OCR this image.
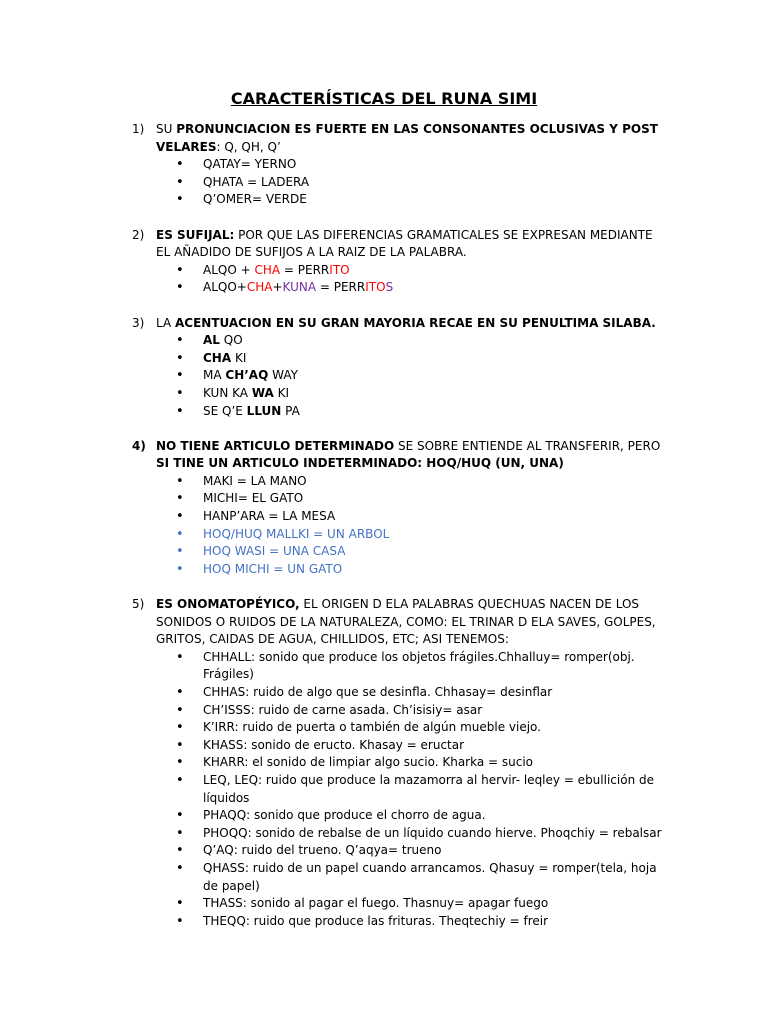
CARACTERÍSTICAS DEL RUNA SIMI
1) SU PRONUNCIACION ES FUERTE EN LAS CONSONANTES OCLUSIVAS Y POST VELARES: Q, QH, Q’

• QATAY= YERNO
• QHATA = LADERA
• Q’OMER= VERDE
2) ES SUFIJAL: POR QUE LAS DIFERENCIAS GRAMATICALES SE EXPRESAN MEDIANTE EL AÑADIDO DE SUFIJOS A LA RAIZ DE LA PALABRA.

• ALQO + CHA = PERRITO
• ALQO+CHA+KUNA = PERRITOS
3) LA ACENTUACION EN SU GRAN MAYORIA RECAE EN SU PENULTIMA SILABA.

• AL QO
• CHA KI
• MA CH’AQ WAY
• KUN KA WA KI
• SE Q’E LLUN PA
4) NO TIENE ARTICULO DETERMINADO SE SOBRE ENTIENDE AL TRANSFERIR, PERO SI TINE UN ARTICULO INDETERMINADO: HOQ/HUQ (UN, UNA)

• MAKI = LA MANO
• MICHI= EL GATO
• HANP’ARA = LA MESA
• HOQ/HUQ MALLKI = UN ARBOL
• HOQ WASI = UNA CASA
• HOQ MICHI = UN GATO
5) ES ONOMATOPÉYICO, EL ORIGEN D ELA PALABRAS QUECHUAS NACEN DE LOS SONIDOS O RUIDOS DE LA NATURALEZA, COMO: EL TRINAR D ELA SAVES, GOLPES, GRITOS, CAIDAS DE AGUA, CHILLIDOS, ETC; ASI TENEMOS:

• CHHALL: sonido que produce los objetos frágiles.Chhalluy= romper(obj. Frágiles)
• CHHAS: ruido de algo que se desinfla. Chhasay= desinflar
• CH’ISSS: ruido de carne asada. Ch’isisiy= asar
• K’IRR: ruido de puerta o también de algún mueble viejo.
• KHASS: sonido de eructo. Khasay = eructar
• KHARR: el sonido de limpiar algo sucio. Kharka = sucio
• LEQ, LEQ: ruido que produce la mazamorra al hervir- leqley = ebullición de líquidos
• PHAQQ: sonido que produce el chorro de agua.
• PHOQQ: sonido de rebalse de un líquido cuando hierve. Phoqchiy = rebalsar
• Q’AQ: ruido del trueno. Q’aqya= trueno
• QHASS: ruido de un papel cuando arrancamos. Qhasuy = romper(tela, hoja de papel)
• THASS: sonido al pagar el fuego. Thasnuy= apagar fuego
• THEQQ: ruido que produce las frituras. Theqtechiy = freir
